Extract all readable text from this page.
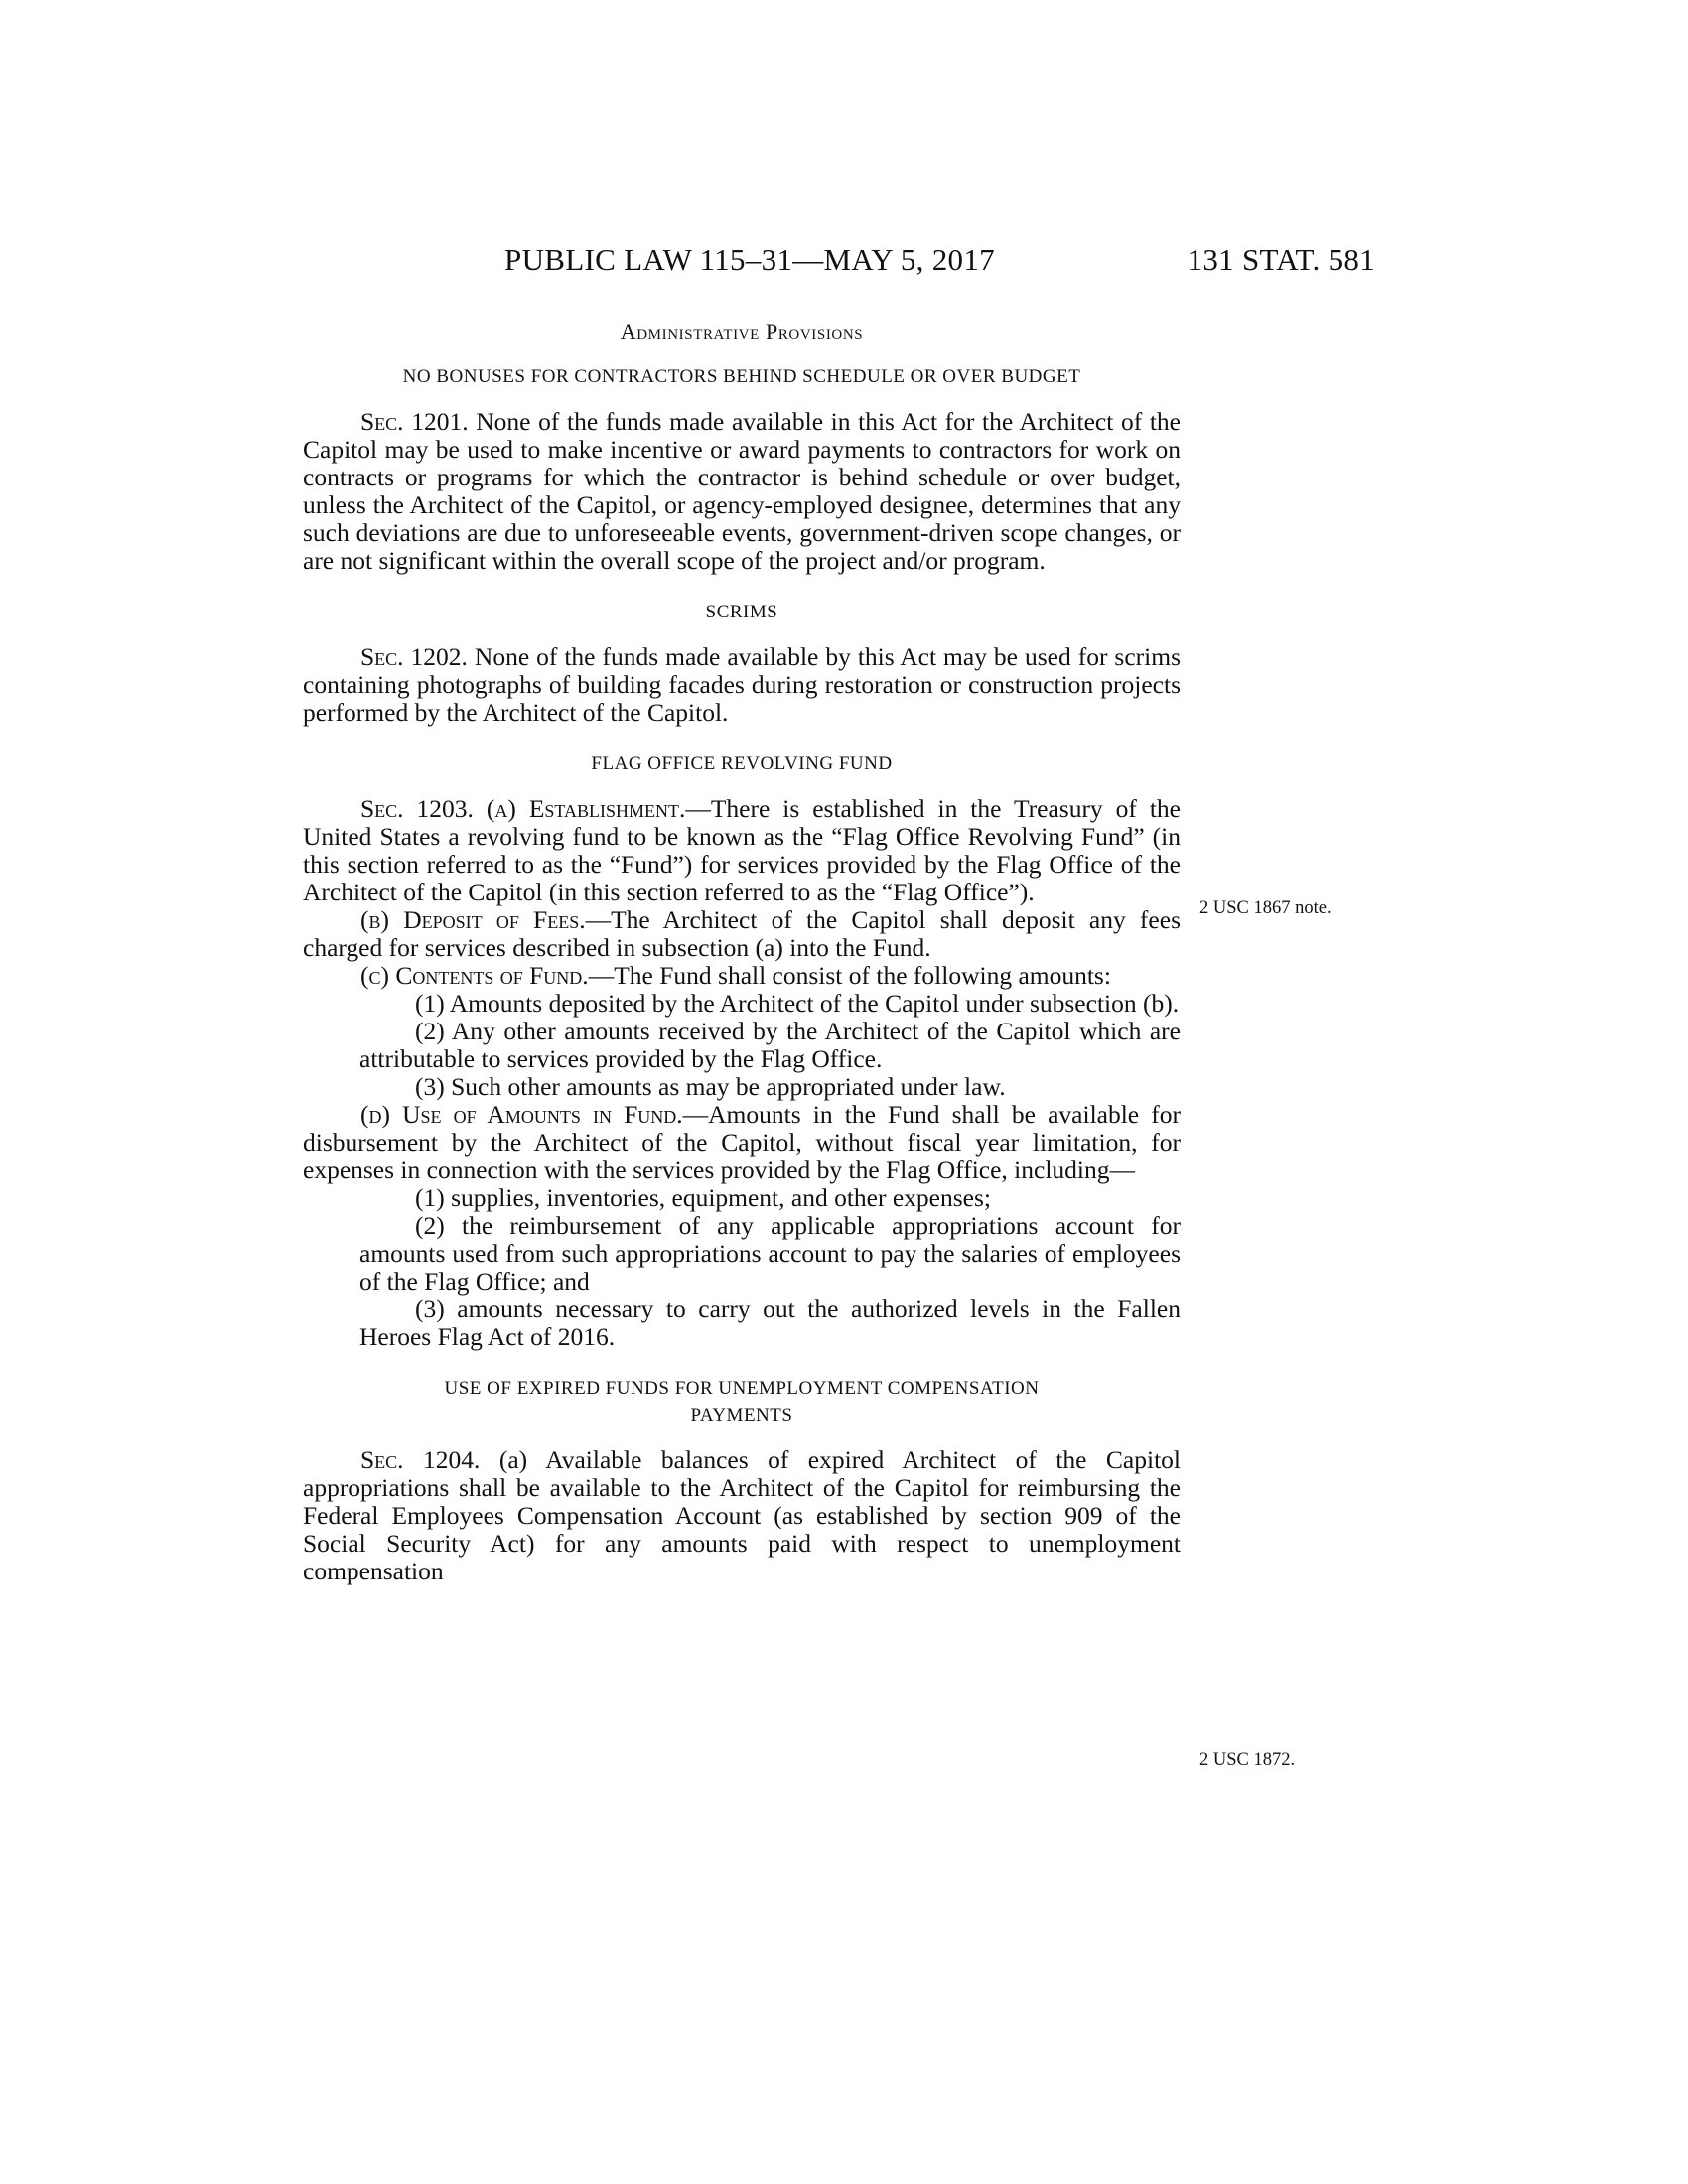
PUBLIC LAW 115–31—MAY 5, 2017	131 STAT. 581
2 USC 1867 note.
2 USC 1872.
Administrative Provisions
NO BONUSES FOR CONTRACTORS BEHIND SCHEDULE OR OVER BUDGET

Sec. 1201. None of the funds made available in this Act for the Architect of the Capitol may be used to make incentive or award payments to contractors for work on contracts or programs for which the contractor is behind schedule or over budget, unless the Architect of the Capitol, or agency-employed designee, determines that any such deviations are due to unforeseeable events, government-driven scope changes, or are not significant within the overall scope of the project and/or program.

SCRIMS

Sec. 1202. None of the funds made available by this Act may be used for scrims containing photographs of building facades during restoration or construction projects performed by the Architect of the Capitol.

FLAG OFFICE REVOLVING FUND

Sec. 1203. (a) Establishment.—There is established in the Treasury of the United States a revolving fund to be known as the “Flag Office Revolving Fund” (in this section referred to as the “Fund”) for services provided by the Flag Office of the Architect of the Capitol (in this section referred to as the “Flag Office”).

(b) Deposit of Fees.—The Architect of the Capitol shall deposit any fees charged for services described in subsection (a) into the Fund.

(c) Contents of Fund.—The Fund shall consist of the following amounts:

(1) Amounts deposited by the Architect of the Capitol under subsection (b).

(2) Any other amounts received by the Architect of the Capitol which are attributable to services provided by the Flag Office.

(3) Such other amounts as may be appropriated under law.

(d) Use of Amounts in Fund.—Amounts in the Fund shall be available for disbursement by the Architect of the Capitol, without fiscal year limitation, for expenses in connection with the services provided by the Flag Office, including—

(1) supplies, inventories, equipment, and other expenses;

(2) the reimbursement of any applicable appropriations account for amounts used from such appropriations account to pay the salaries of employees of the Flag Office; and

(3) amounts necessary to carry out the authorized levels in the Fallen Heroes Flag Act of 2016.

USE OF EXPIRED FUNDS FOR UNEMPLOYMENT COMPENSATION
PAYMENTS

Sec. 1204. (a) Available balances of expired Architect of the Capitol appropriations shall be available to the Architect of the Capitol for reimbursing the Federal Employees Compensation Account (as established by section 909 of the Social Security Act) for any amounts paid with respect to unemployment compensation
